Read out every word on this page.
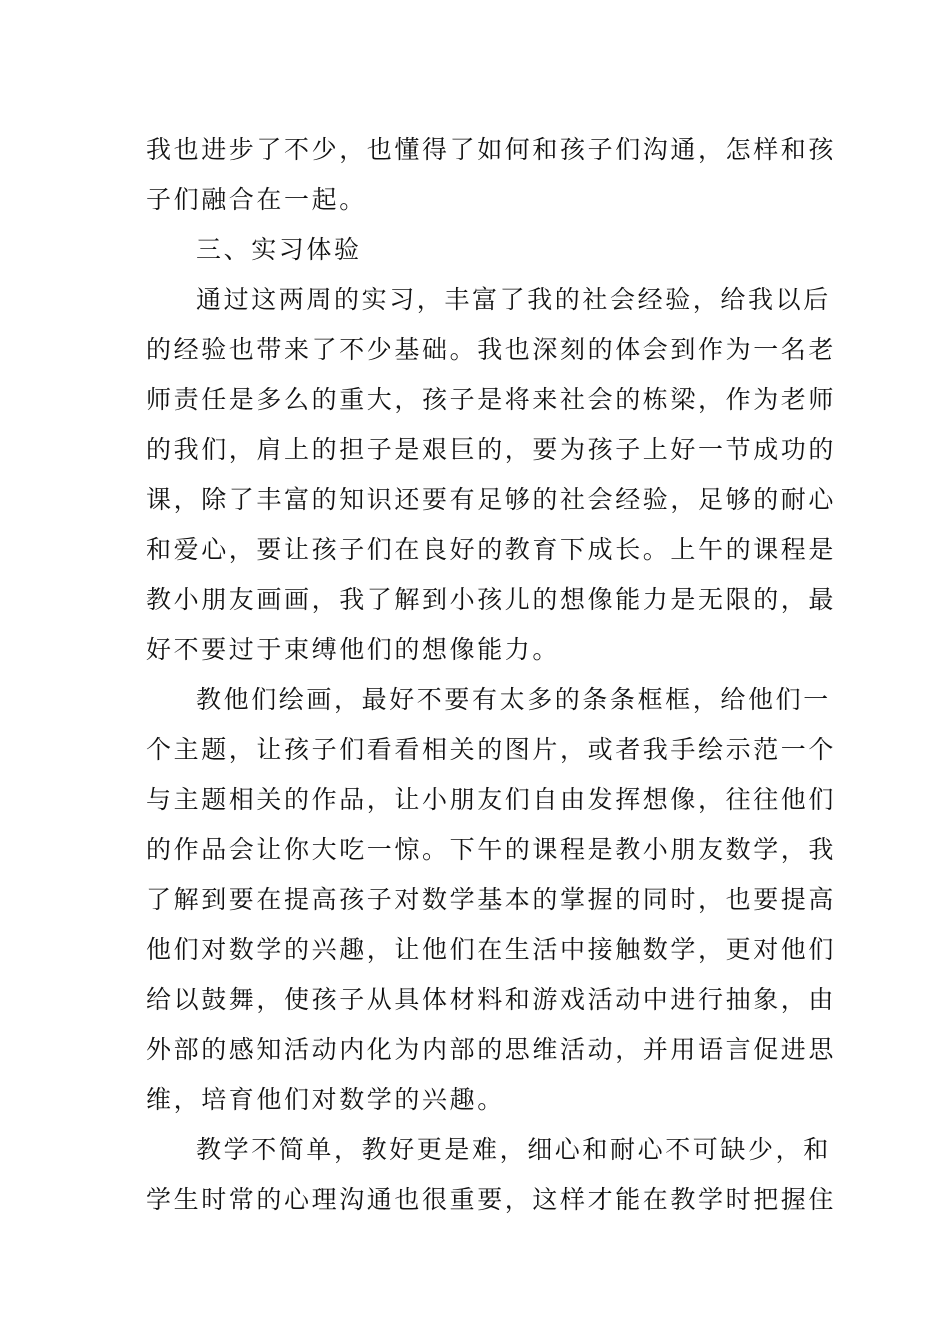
我也进步了不少，也懂得了如何和孩子们沟通，怎样和孩
子们融合在一起。
三、实习体验
通过这两周的实习，丰富了我的社会经验，给我以后
的经验也带来了不少基础。我也深刻的体会到作为一名老
师责任是多么的重大，孩子是将来社会的栋梁，作为老师
的我们，肩上的担子是艰巨的，要为孩子上好一节成功的
课，除了丰富的知识还要有足够的社会经验，足够的耐心
和爱心，要让孩子们在良好的教育下成长。上午的课程是
教小朋友画画，我了解到小孩儿的想像能力是无限的，最
好不要过于束缚他们的想像能力。
教他们绘画，最好不要有太多的条条框框，给他们一
个主题，让孩子们看看相关的图片，或者我手绘示范一个
与主题相关的作品，让小朋友们自由发挥想像，往往他们
的作品会让你大吃一惊。下午的课程是教小朋友数学，我
了解到要在提高孩子对数学基本的掌握的同时，也要提高
他们对数学的兴趣，让他们在生活中接触数学，更对他们
给以鼓舞，使孩子从具体材料和游戏活动中进行抽象，由
外部的感知活动内化为内部的思维活动，并用语言促进思
维，培育他们对数学的兴趣。
教学不简单，教好更是难，细心和耐心不可缺少，和
学生时常的心理沟通也很重要，这样才能在教学时把握住
